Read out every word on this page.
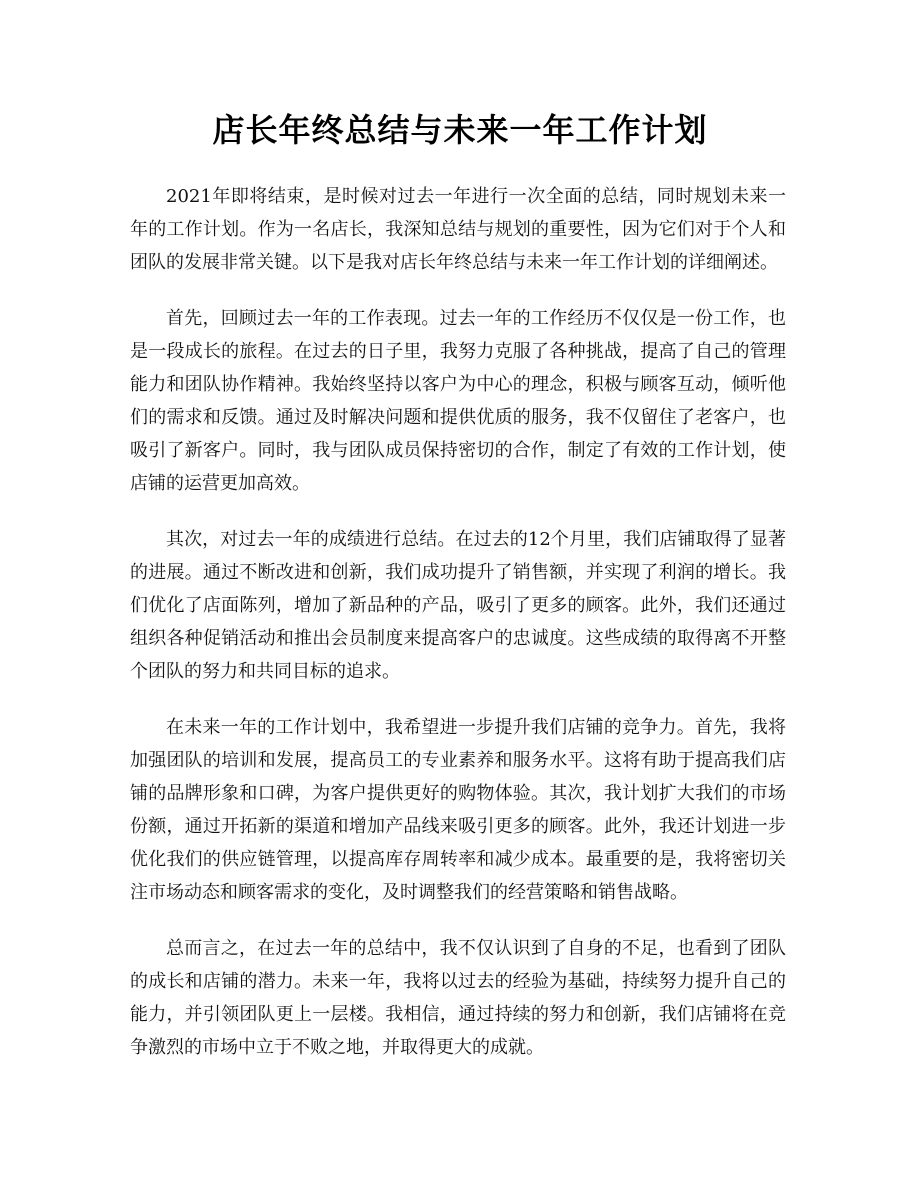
店长年终总结与未来一年工作计划

2021年即将结束，是时候对过去一年进行一次全面的总结，同时规划未来一年的工作计划。作为一名店长，我深知总结与规划的重要性，因为它们对于个人和团队的发展非常关键。以下是我对店长年终总结与未来一年工作计划的详细阐述。

首先，回顾过去一年的工作表现。过去一年的工作经历不仅仅是一份工作，也是一段成长的旅程。在过去的日子里，我努力克服了各种挑战，提高了自己的管理能力和团队协作精神。我始终坚持以客户为中心的理念，积极与顾客互动，倾听他们的需求和反馈。通过及时解决问题和提供优质的服务，我不仅留住了老客户，也吸引了新客户。同时，我与团队成员保持密切的合作，制定了有效的工作计划，使店铺的运营更加高效。

其次，对过去一年的成绩进行总结。在过去的12个月里，我们店铺取得了显著的进展。通过不断改进和创新，我们成功提升了销售额，并实现了利润的增长。我们优化了店面陈列，增加了新品种的产品，吸引了更多的顾客。此外，我们还通过组织各种促销活动和推出会员制度来提高客户的忠诚度。这些成绩的取得离不开整个团队的努力和共同目标的追求。

在未来一年的工作计划中，我希望进一步提升我们店铺的竞争力。首先，我将加强团队的培训和发展，提高员工的专业素养和服务水平。这将有助于提高我们店铺的品牌形象和口碑，为客户提供更好的购物体验。其次，我计划扩大我们的市场份额，通过开拓新的渠道和增加产品线来吸引更多的顾客。此外，我还计划进一步优化我们的供应链管理，以提高库存周转率和减少成本。最重要的是，我将密切关注市场动态和顾客需求的变化，及时调整我们的经营策略和销售战略。

总而言之，在过去一年的总结中，我不仅认识到了自身的不足，也看到了团队的成长和店铺的潜力。未来一年，我将以过去的经验为基础，持续努力提升自己的能力，并引领团队更上一层楼。我相信，通过持续的努力和创新，我们店铺将在竞争激烈的市场中立于不败之地，并取得更大的成就。
